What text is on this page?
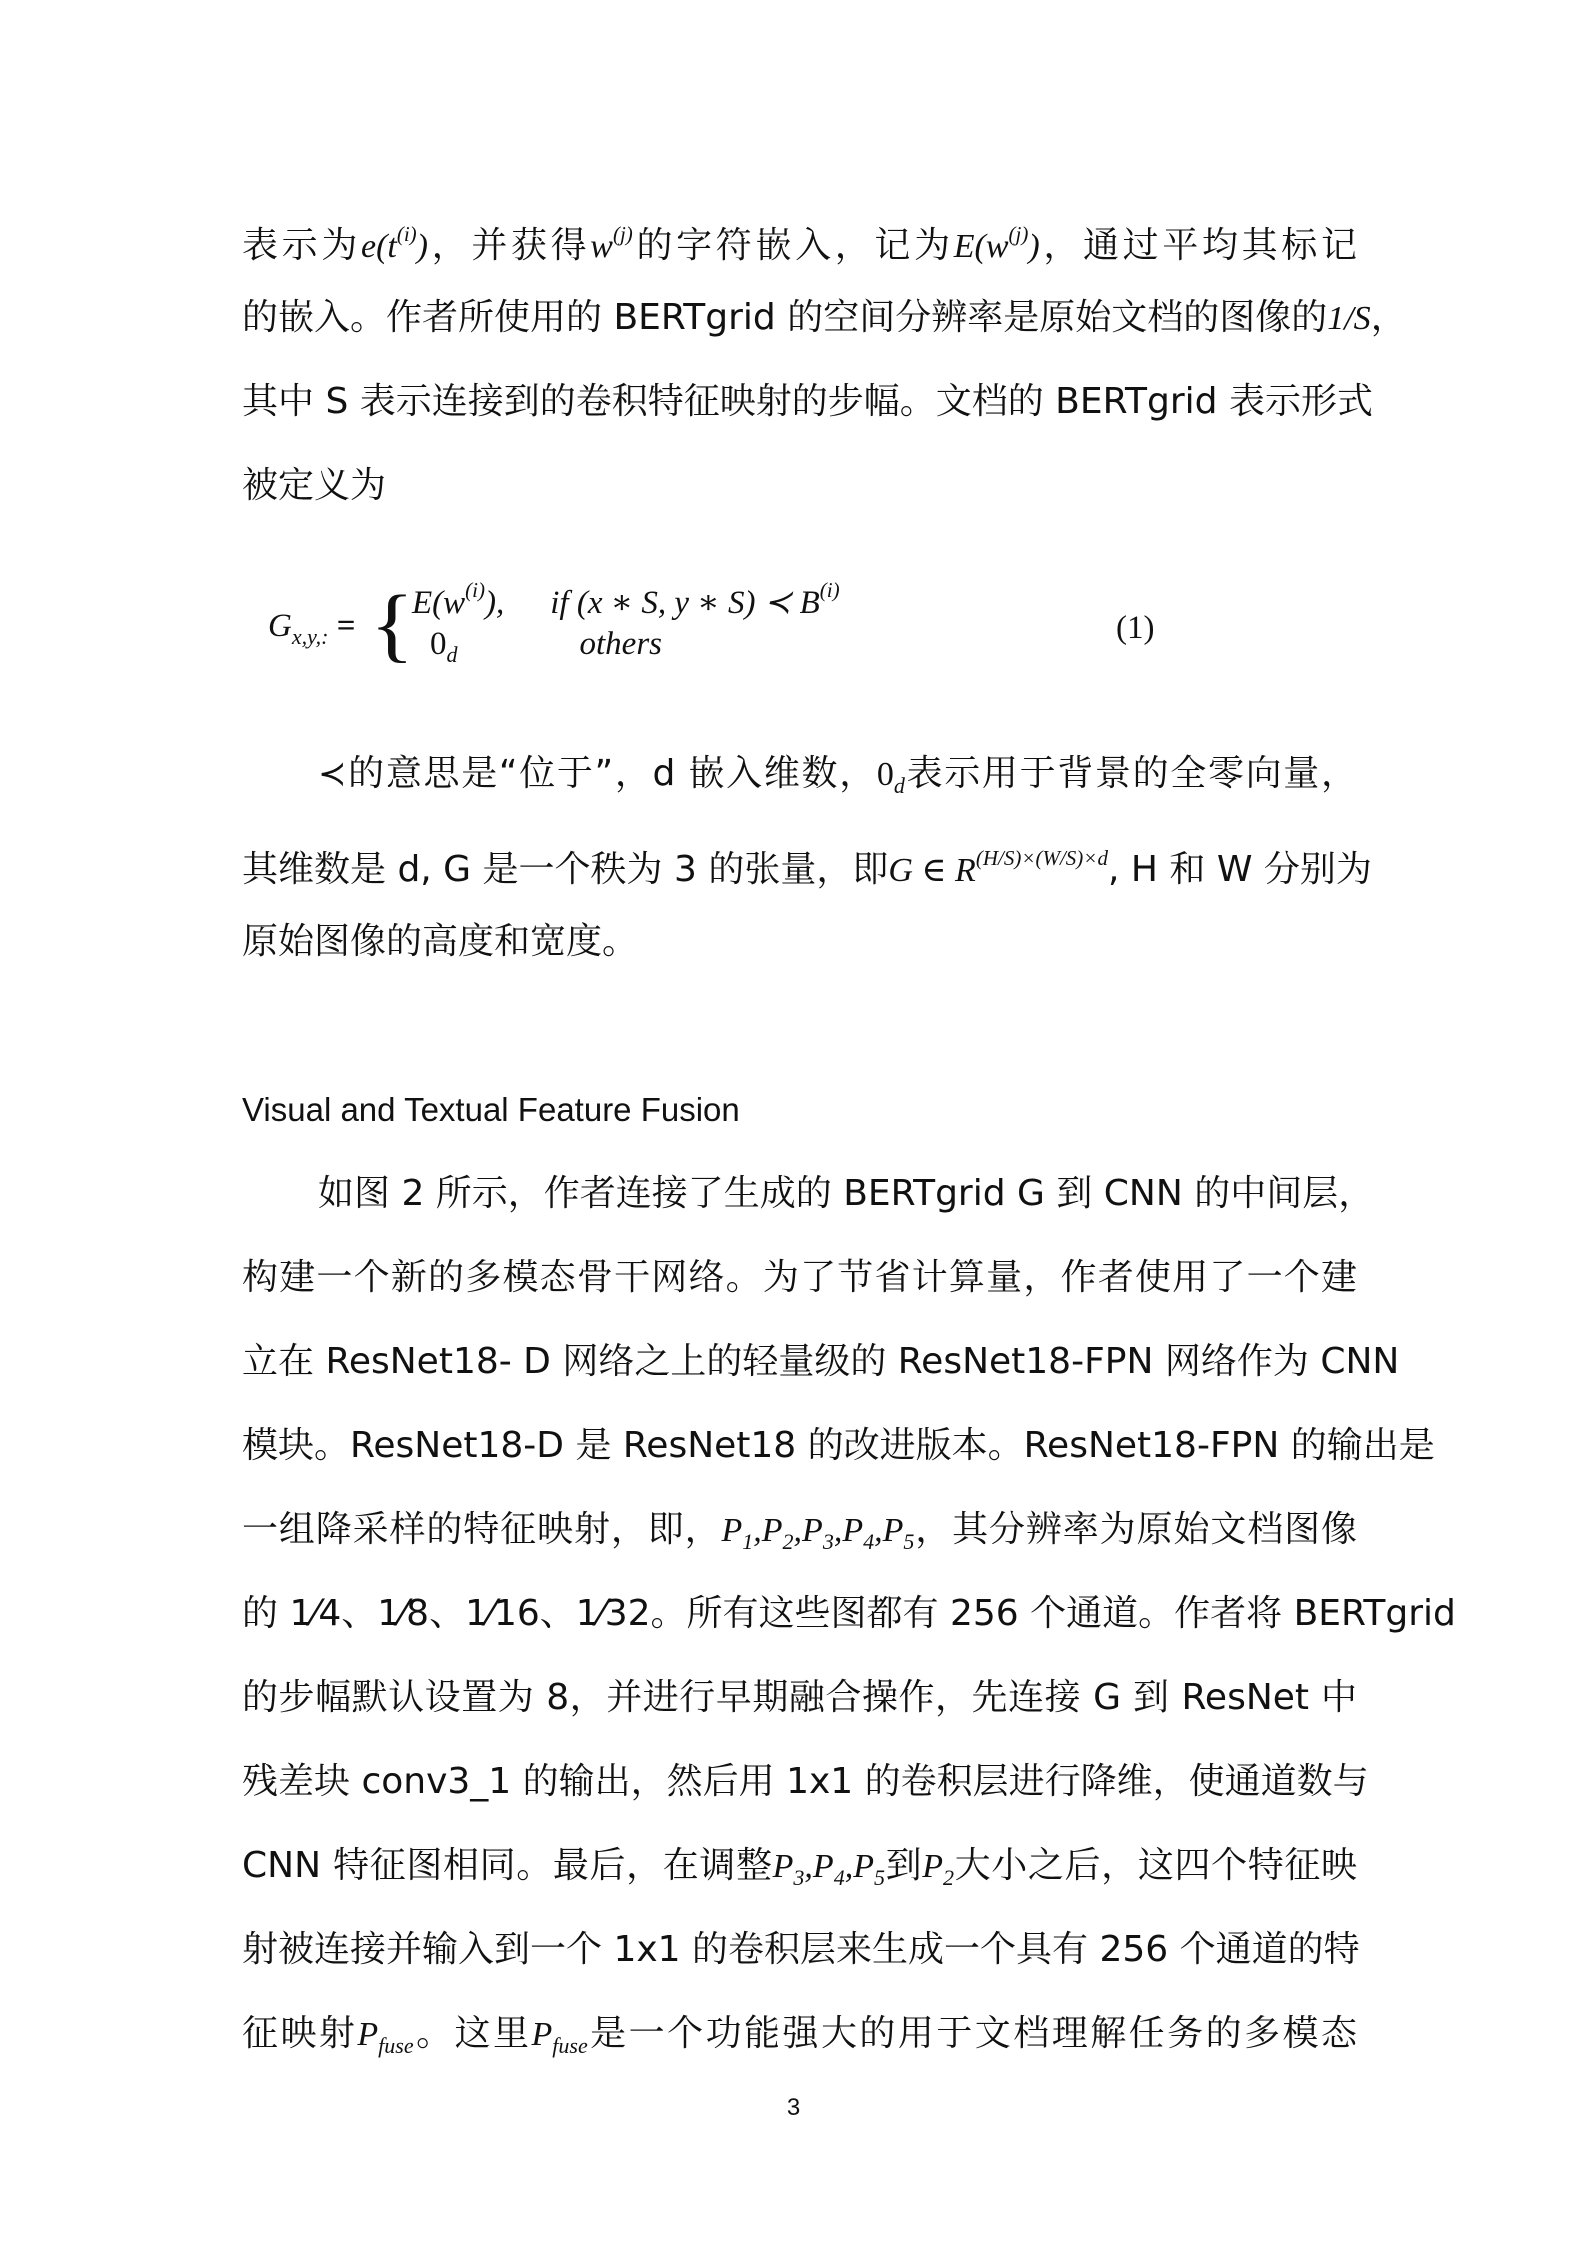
表示为$e(t^{(i)})$，并获得$w^{(j)}$的字符嵌入，记为$E(w^{(j)})$，通过平均其标记
的嵌入。作者所使用的 BERTgrid 的空间分辨率是原始文档的图像的1/S，
其中 S 表示连接到的卷积特征映射的步幅。文档的 BERTgrid 表示形式
被定义为
$G_{x,y,:}$ = {
$E(w^{(i)})$, if (x ∗ S, y ∗ S) ≺ $B^{(i)}$
$0_d$	others	(1)
≺的意思是“位于”，d 嵌入维数，$0_d$表示用于背景的全零向量，
其维数是 d, G 是一个秩为 3 的张量，即G ∈ $R^{(H/S)\times(W/S)\times d}$, H 和 W 分别为
原始图像的高度和宽度。
Visual and Textual Feature Fusion
如图 2 所示，作者连接了生成的 BERTgrid G 到 CNN 的中间层，
构建一个新的多模态骨干网络。为了节省计算量，作者使用了一个建
立在 ResNet18- D 网络之上的轻量级的 ResNet18-FPN 网络作为 CNN
模块。ResNet18-D 是 ResNet18 的改进版本。ResNet18-FPN 的输出是
一组降采样的特征映射，即，$P_1,P_2,P_3,P_4,P_5$，其分辨率为原始文档图像
的 1⁄4、1⁄8、1⁄16、1⁄32。所有这些图都有 256 个通道。作者将 BERTgrid
的步幅默认设置为 8，并进行早期融合操作，先连接 G 到 ResNet 中
残差块 conv3_1 的输出，然后用 1x1 的卷积层进行降维，使通道数与
CNN 特征图相同。最后，在调整$P_3,P_4,P_5$到$P_2$大小之后，这四个特征映
射被连接并输入到一个 1x1 的卷积层来生成一个具有 256 个通道的特
征映射$P_{fuse}$。这里$P_{fuse}$是一个功能强大的用于文档理解任务的多模态
3
